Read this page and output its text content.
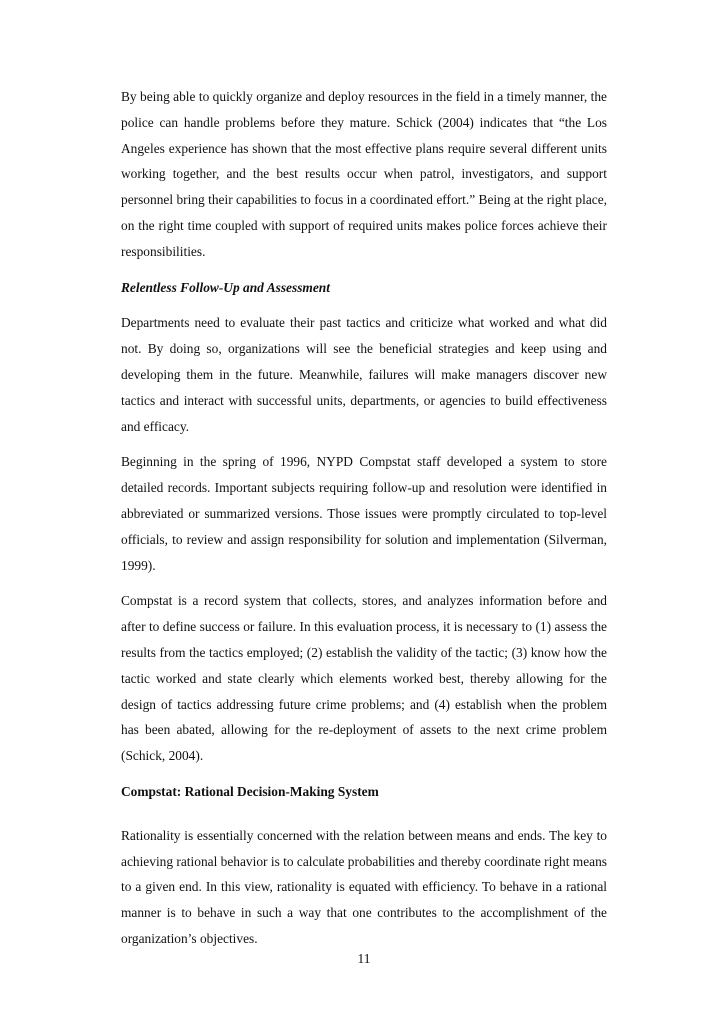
By being able to quickly organize and deploy resources in the field in a timely manner, the police can handle problems before they mature. Schick (2004) indicates that “the Los Angeles experience has shown that the most effective plans require several different units working together, and the best results occur when patrol, investigators, and support personnel bring their capabilities to focus in a coordinated effort.” Being at the right place, on the right time coupled with support of required units makes police forces achieve their responsibilities.

Relentless Follow-Up and Assessment

Departments need to evaluate their past tactics and criticize what worked and what did not. By doing so, organizations will see the beneficial strategies and keep using and developing them in the future. Meanwhile, failures will make managers discover new tactics and interact with successful units, departments, or agencies to build effectiveness and efficacy.

Beginning in the spring of 1996, NYPD Compstat staff developed a system to store detailed records. Important subjects requiring follow-up and resolution were identified in abbreviated or summarized versions. Those issues were promptly circulated to top-level officials, to review and assign responsibility for solution and implementation (Silverman, 1999).

Compstat is a record system that collects, stores, and analyzes information before and after to define success or failure. In this evaluation process, it is necessary to (1) assess the results from the tactics employed; (2) establish the validity of the tactic; (3) know how the tactic worked and state clearly which elements worked best, thereby allowing for the design of tactics addressing future crime problems; and (4) establish when the problem has been abated, allowing for the re-deployment of assets to the next crime problem (Schick, 2004).

Compstat: Rational Decision-Making System

Rationality is essentially concerned with the relation between means and ends. The key to achieving rational behavior is to calculate probabilities and thereby coordinate right means to a given end. In this view, rationality is equated with efficiency. To behave in a rational manner is to behave in such a way that one contributes to the accomplishment of the organization’s objectives.

11
